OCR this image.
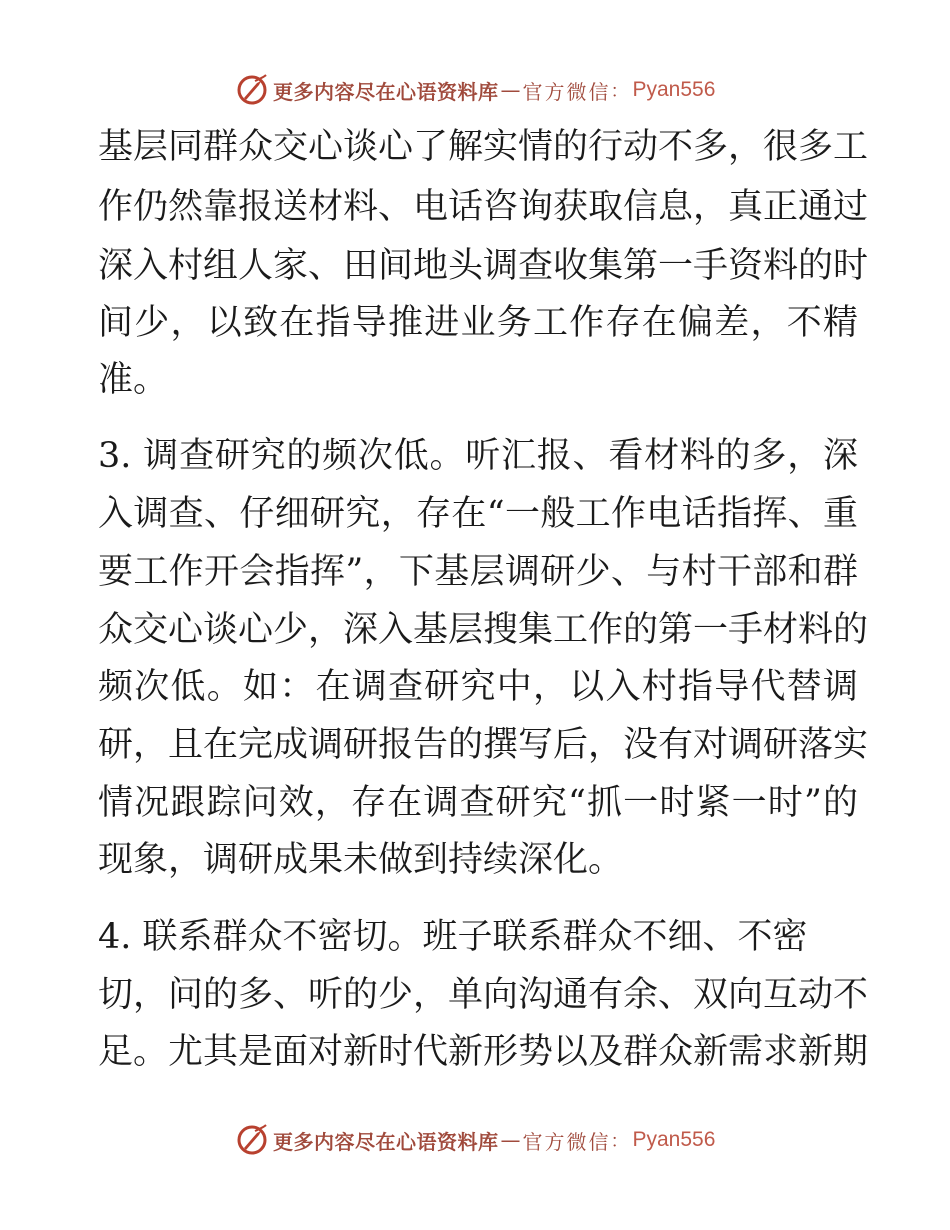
更多内容尽在心语资料库 — 官方微信 ： Pyan556
基层同群众交心谈心了解实情的行动不多，很多工
作仍然靠报送材料、电话咨询获取信息，真正通过
深入村组人家、田间地头调查收集第一手资料的时
间少，以致在指导推进业务工作存在偏差，不精
准。
3. 调查研究的频次低。听汇报、看材料的多，深
入调查、仔细研究，存在“一般工作电话指挥、重
要工作开会指挥”，下基层调研少、与村干部和群
众交心谈心少，深入基层搜集工作的第一手材料的
频次低。如：在调查研究中，以入村指导代替调
研，且在完成调研报告的撰写后，没有对调研落实
情况跟踪问效，存在调查研究“抓一时紧一时”的
现象，调研成果未做到持续深化。
4. 联系群众不密切。班子联系群众不细、不密
切，问的多、听的少，单向沟通有余、双向互动不
足。尤其是面对新时代新形势以及群众新需求新期
更多内容尽在心语资料库 — 官方微信 ： Pyan556
